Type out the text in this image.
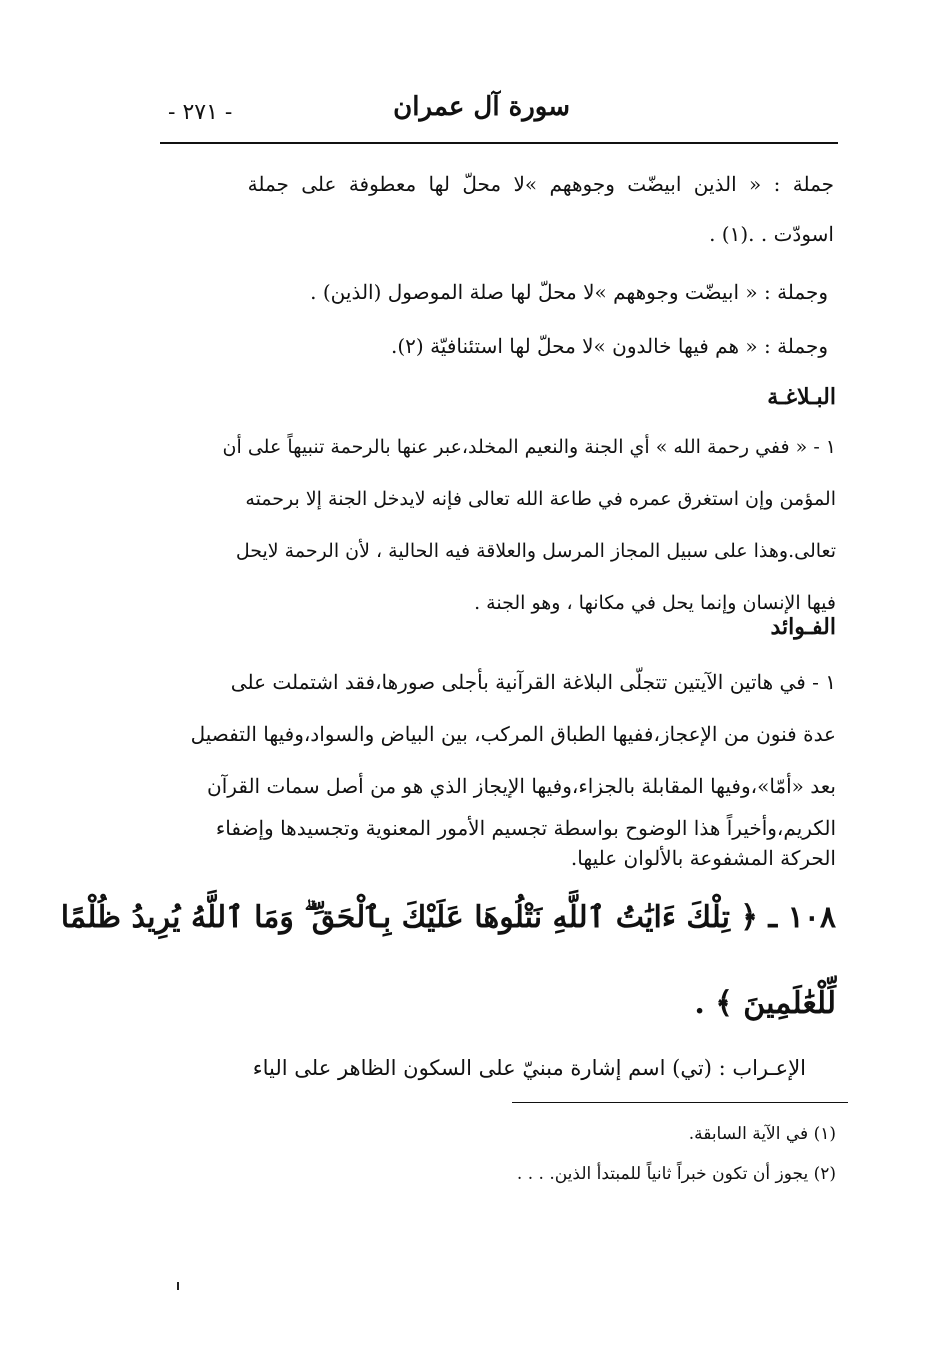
- ٢٧١ -	سورة آل عمران
جملة : « الذين ابيضّت وجوههم »لا محلّ لها معطوفة على جملة
اسودّت . .(١) .
وجملة : « ابيضّت وجوههم »لا محلّ لها صلة الموصول (الذين) .
وجملة : « هم فيها خالدون »لا محلّ لها استئنافيّة (٢).
البـلاغـة
١ - « ففي رحمة الله » أي الجنة والنعيم المخلد،عبر عنها بالرحمة تنبيهاً على أن
المؤمن وإن استغرق عمره في طاعة الله تعالى فإنه لايدخل الجنة إلا برحمته
تعالى.وهذا على سبيل المجاز المرسل والعلاقة فيه الحالية ، لأن الرحمة لايحل
فيها الإنسان وإنما يحل في مكانها ، وهو الجنة .
الفـوائد
١ - في هاتين الآيتين تتجلّى البلاغة القرآنية بأجلى صورها،فقد اشتملت على
عدة فنون من الإعجاز،ففيها الطباق المركب، بين البياض والسواد،وفيها التفصيل
بعد «أمّا»،وفيها المقابلة بالجزاء،وفيها الإيجاز الذي هو من أصل سمات القرآن
الكريم،وأخيراً هذا الوضوح بواسطة تجسيم الأمور المعنوية وتجسيدها وإضفاء
الحركة المشفوعة بالألوان عليها.
١٠٨ ـ ﴿ تِلْكَ ءَايَٰتُ ٱللَّهِ نَتْلُوهَا عَلَيْكَ بِٱلْحَقِّ ۗ وَمَا ٱللَّهُ يُرِيدُ ظُلْمًا
لِّلْعَٰلَمِينَ ﴾ .
الإعـراب : (تي) اسم إشارة مبنيّ على السكون الظاهر على الياء
(١) في الآية السابقة.
(٢) يجوز أن تكون خبراً ثانياً للمبتدأ الذين. . . .
